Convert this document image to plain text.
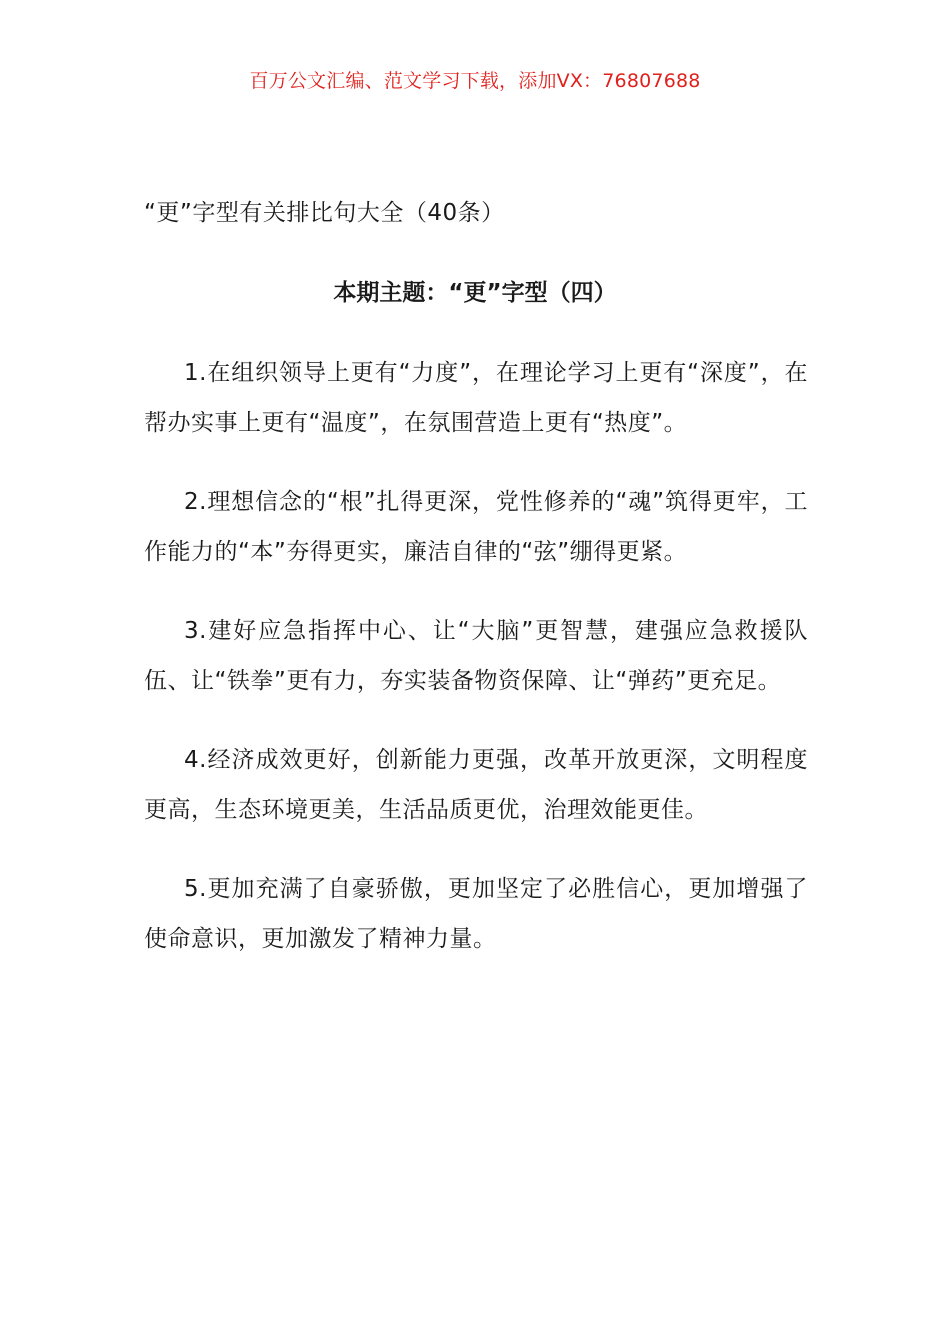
百万公文汇编、范文学习下载，添加VX：76807688
“更”字型有关排比句大全（40条）
本期主题：“更”字型（四）

1.在组织领导上更有“力度”，在理论学习上更有“深度”，在帮办实事上更有“温度”，在氛围营造上更有“热度”。

2.理想信念的“根”扎得更深，党性修养的“魂”筑得更牢，工作能力的“本”夯得更实，廉洁自律的“弦”绷得更紧。

3.建好应急指挥中心、让“大脑”更智慧，建强应急救援队伍、让“铁拳”更有力，夯实装备物资保障、让“弹药”更充足。

4.经济成效更好，创新能力更强，改革开放更深，文明程度更高，生态环境更美，生活品质更优，治理效能更佳。

5.更加充满了自豪骄傲，更加坚定了必胜信心，更加增强了使命意识，更加激发了精神力量。
